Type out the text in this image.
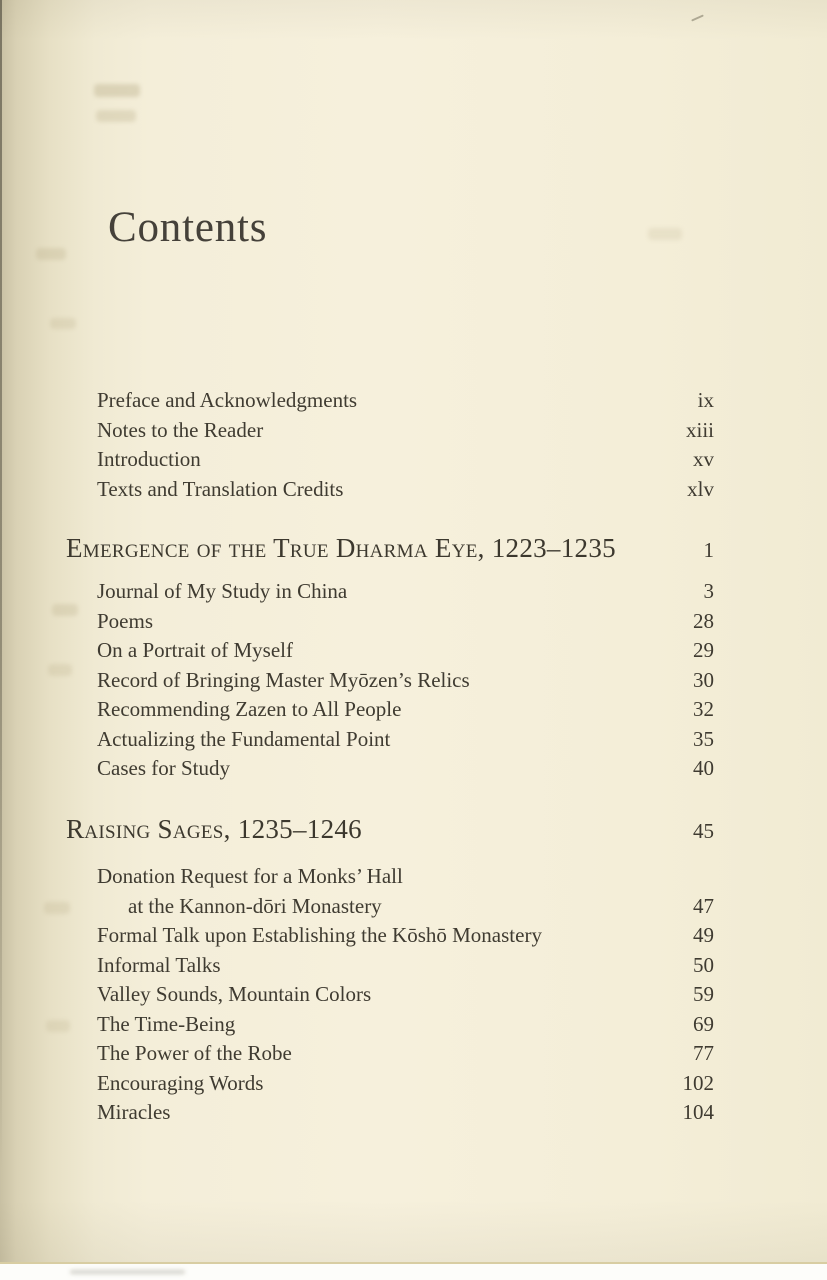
Contents
Preface and Acknowledgments	ix
Notes to the Reader	xiii
Introduction	xv
Texts and Translation Credits	xlv
Emergence of the True Dharma Eye, 1223–1235	1
Journal of My Study in China	3
Poems	28
On a Portrait of Myself	29
Record of Bringing Master Myōzen’s Relics	30
Recommending Zazen to All People	32
Actualizing the Fundamental Point	35
Cases for Study	40
Raising Sages, 1235–1246	45
Donation Request for a Monks’ Hall
at the Kannon-dōri Monastery	47
Formal Talk upon Establishing the Kōshō Monastery	49
Informal Talks	50
Valley Sounds, Mountain Colors	59
The Time-Being	69
The Power of the Robe	77
Encouraging Words	102
Miracles	104
